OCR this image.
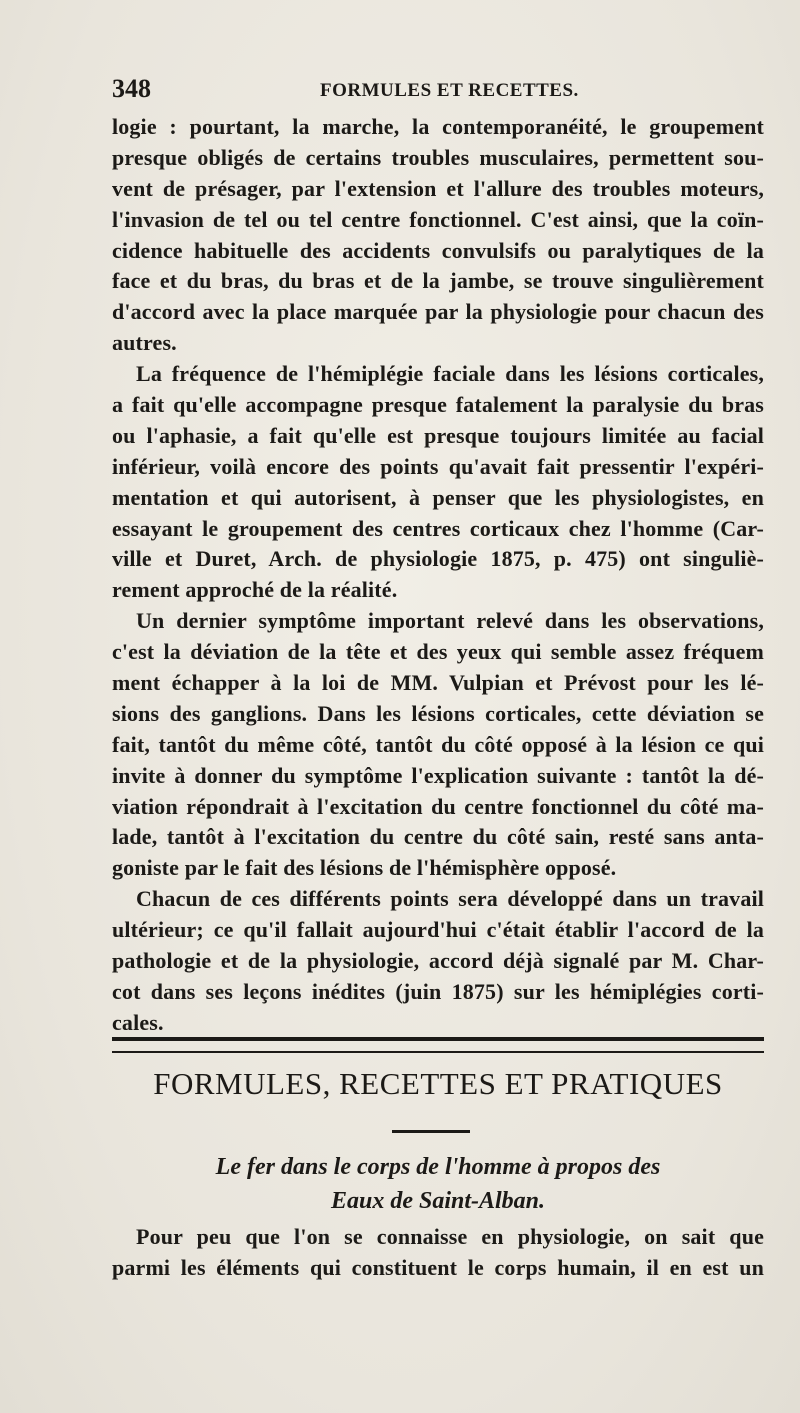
348	FORMULES ET RECETTES.
logie : pourtant, la marche, la contemporanéité, le groupement
presque obligés de certains troubles musculaires, permettent sou-
vent de présager, par l'extension et l'allure des troubles moteurs,
l'invasion de tel ou tel centre fonctionnel. C'est ainsi, que la coïn-
cidence habituelle des accidents convulsifs ou paralytiques de la
face et du bras, du bras et de la jambe, se trouve singulièrement
d'accord avec la place marquée par la physiologie pour chacun des
autres.
La fréquence de l'hémiplégie faciale dans les lésions corticales,
a fait qu'elle accompagne presque fatalement la paralysie du bras
ou l'aphasie, a fait qu'elle est presque toujours limitée au facial
inférieur, voilà encore des points qu'avait fait pressentir l'expéri-
mentation et qui autorisent, à penser que les physiologistes, en
essayant le groupement des centres corticaux chez l'homme (Car-
ville et Duret, Arch. de physiologie 1875, p. 475) ont singuliè-
rement approché de la réalité.
Un dernier symptôme important relevé dans les observations,
c'est la déviation de la tête et des yeux qui semble assez fréquem
ment échapper à la loi de MM. Vulpian et Prévost pour les lé-
sions des ganglions. Dans les lésions corticales, cette déviation se
fait, tantôt du même côté, tantôt du côté opposé à la lésion ce qui
invite à donner du symptôme l'explication suivante : tantôt la dé-
viation répondrait à l'excitation du centre fonctionnel du côté ma-
lade, tantôt à l'excitation du centre du côté sain, resté sans anta-
goniste par le fait des lésions de l'hémisphère opposé.
Chacun de ces différents points sera développé dans un travail
ultérieur; ce qu'il fallait aujourd'hui c'était établir l'accord de la
pathologie et de la physiologie, accord déjà signalé par M. Char-
cot dans ses leçons inédites (juin 1875) sur les hémiplégies corti-
cales.
FORMULES, RECETTES ET PRATIQUES
Le fer dans le corps de l'homme à propos des
Eaux de Saint-Alban.
Pour peu que l'on se connaisse en physiologie, on sait que
parmi les éléments qui constituent le corps humain, il en est un
